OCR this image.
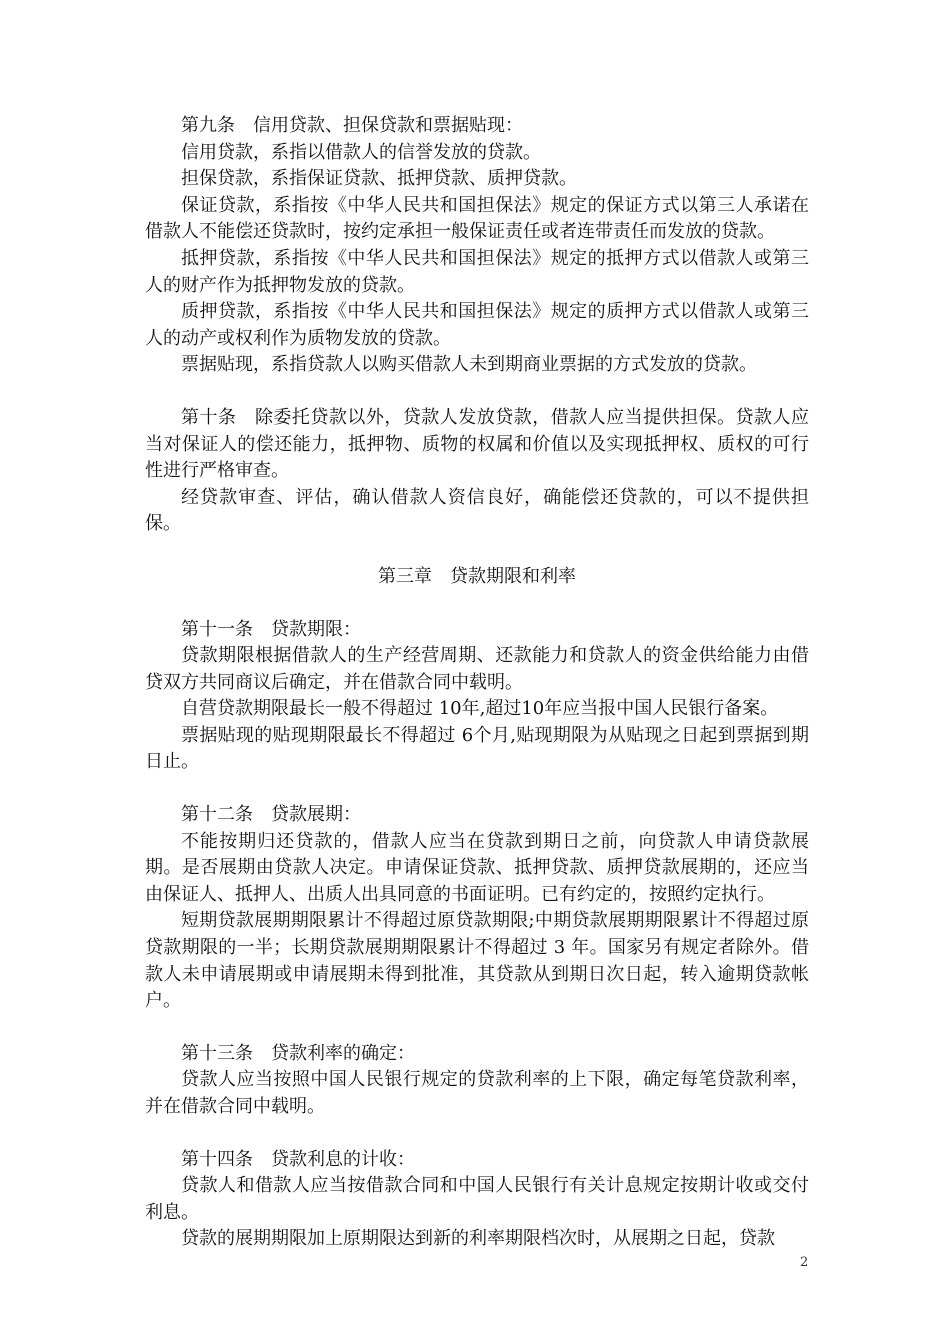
第九条　信用贷款、担保贷款和票据贴现：

信用贷款，系指以借款人的信誉发放的贷款。

担保贷款，系指保证贷款、抵押贷款、质押贷款。

保证贷款，系指按《中华人民共和国担保法》规定的保证方式以第三人承诺在借款人不能偿还贷款时，按约定承担一般保证责任或者连带责任而发放的贷款。

抵押贷款，系指按《中华人民共和国担保法》规定的抵押方式以借款人或第三人的财产作为抵押物发放的贷款。

质押贷款，系指按《中华人民共和国担保法》规定的质押方式以借款人或第三人的动产或权利作为质物发放的贷款。

票据贴现，系指贷款人以购买借款人未到期商业票据的方式发放的贷款。

第十条　除委托贷款以外，贷款人发放贷款，借款人应当提供担保。贷款人应当对保证人的偿还能力，抵押物、质物的权属和价值以及实现抵押权、质权的可行性进行严格审查。

经贷款审查、评估，确认借款人资信良好，确能偿还贷款的，可以不提供担保。

第三章　贷款期限和利率

第十一条　贷款期限：

贷款期限根据借款人的生产经营周期、还款能力和贷款人的资金供给能力由借贷双方共同商议后确定，并在借款合同中载明。

自营贷款期限最长一般不得超过 10年,超过10年应当报中国人民银行备案。

票据贴现的贴现期限最长不得超过 6个月,贴现期限为从贴现之日起到票据到期日止。

第十二条　贷款展期：

不能按期归还贷款的，借款人应当在贷款到期日之前，向贷款人申请贷款展期。是否展期由贷款人决定。申请保证贷款、抵押贷款、质押贷款展期的，还应当由保证人、抵押人、出质人出具同意的书面证明。已有约定的，按照约定执行。

短期贷款展期期限累计不得超过原贷款期限;中期贷款展期期限累计不得超过原贷款期限的一半；长期贷款展期期限累计不得超过 3 年。国家另有规定者除外。借款人未申请展期或申请展期未得到批准，其贷款从到期日次日起，转入逾期贷款帐户。

第十三条　贷款利率的确定：

贷款人应当按照中国人民银行规定的贷款利率的上下限，确定每笔贷款利率，并在借款合同中载明。

第十四条　贷款利息的计收：

贷款人和借款人应当按借款合同和中国人民银行有关计息规定按期计收或交付利息。

贷款的展期期限加上原期限达到新的利率期限档次时，从展期之日起，贷款

2
